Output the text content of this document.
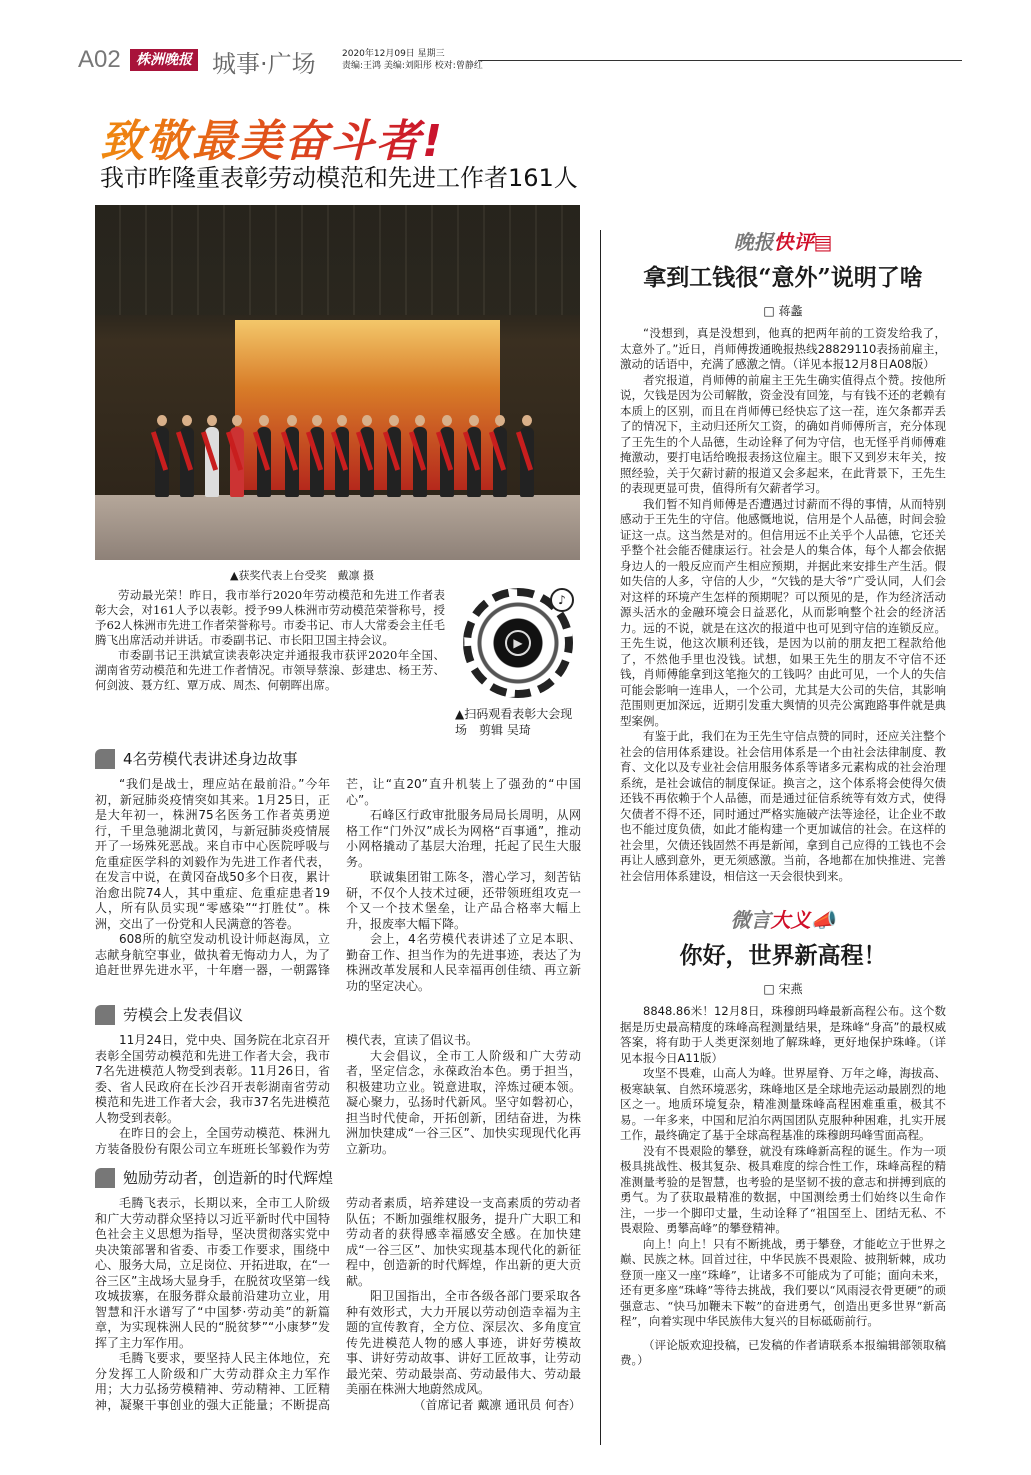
A02	株洲晚报 城事·广场	2020年12月09日 星期三
责编:王鸿 美编:刘阳彤 校对:曾静红
致敬最美奋斗者!
我市昨隆重表彰劳动模范和先进工作者161人
▲获奖代表上台受奖　戴凛 摄

劳动最光荣！昨日，我市举行2020年劳动模范和先进工作者表彰大会，对161人予以表彰。授予99人株洲市劳动模范荣誉称号，授予62人株洲市先进工作者荣誉称号。市委书记、市人大常委会主任毛腾飞出席活动并讲话。市委副书记、市长阳卫国主持会议。

市委副书记王洪斌宣读表彰决定并通报我市获评2020年全国、湖南省劳动模范和先进工作者情况。市领导蔡湶、彭建忠、杨王芳、何剑波、聂方红、覃万成、周杰、何朝晖出席。

▶
♪
▲扫码观看表彰大会现场　剪辑 吴琦
4名劳模代表讲述身边故事

“我们是战士，理应站在最前沿。”今年初，新冠肺炎疫情突如其来。1月25日，正是大年初一，株洲75名医务工作者英勇逆行，千里急驰湖北黄冈，与新冠肺炎疫情展开了一场殊死恶战。来自市中心医院呼吸与危重症医学科的刘毅作为先进工作者代表，在发言中说，在黄冈奋战50多个日夜，累计治愈出院74人，其中重症、危重症患者19人，所有队员实现“零感染”“打胜仗”。株洲，交出了一份党和人民满意的答卷。

608所的航空发动机设计师赵海凤，立志献身航空事业，做执着无悔动力人，为了追赶世界先进水平，十年磨一器，一朝露锋芒，让“直20”直升机装上了强劲的“中国心”。

石峰区行政审批服务局局长周明，从网格工作“门外汉”成长为网格“百事通”，推动小网格撬动了基层大治理，托起了民生大服务。

联诚集团钳工陈冬，潜心学习，刻苦钻研，不仅个人技术过硬，还带领班组攻克一个又一个技术堡垒，让产品合格率大幅上升，报废率大幅下降。

会上，4名劳模代表讲述了立足本职、勤奋工作、担当作为的先进事迹，表达了为株洲改革发展和人民幸福再创佳绩、再立新功的坚定决心。

劳模会上发表倡议

11月24日，党中央、国务院在北京召开表彰全国劳动模范和先进工作者大会，我市7名先进模范人物受到表彰。11月26日，省委、省人民政府在长沙召开表彰湖南省劳动模范和先进工作者大会，我市37名先进模范人物受到表彰。

在昨日的会上，全国劳动模范、株洲九方装备股份有限公司立车班班长邹毅作为劳模代表，宣读了倡议书。

大会倡议，全市工人阶级和广大劳动者，坚定信念，永葆政治本色。勇于担当，积极建功立业。锐意进取，淬炼过硬本领。凝心聚力，弘扬时代新风。坚守如磐初心，担当时代使命，开拓创新，团结奋进，为株洲加快建成“一谷三区”、加快实现现代化再立新功。

勉励劳动者，创造新的时代辉煌

毛腾飞表示，长期以来，全市工人阶级和广大劳动群众坚持以习近平新时代中国特色社会主义思想为指导，坚决贯彻落实党中央决策部署和省委、市委工作要求，围绕中心、服务大局，立足岗位、开拓进取，在“一谷三区”主战场大显身手，在脱贫攻坚第一线攻城拔寨，在服务群众最前沿建功立业，用智慧和汗水谱写了“中国梦·劳动美”的新篇章，为实现株洲人民的“脱贫梦”“小康梦”发挥了主力军作用。

毛腾飞要求，要坚持人民主体地位，充分发挥工人阶级和广大劳动群众主力军作用；大力弘扬劳模精神、劳动精神、工匠精神，凝聚干事创业的强大正能量；不断提高劳动者素质，培养建设一支高素质的劳动者队伍；不断加强维权服务，提升广大职工和劳动者的获得感幸福感安全感。在加快建成“一谷三区”、加快实现基本现代化的新征程中，创造新的时代辉煌，作出新的更大贡献。

阳卫国指出，全市各级各部门要采取各种有效形式，大力开展以劳动创造幸福为主题的宣传教育，全方位、深层次、多角度宣传先进模范人物的感人事迹，讲好劳模故事、讲好劳动故事、讲好工匠故事，让劳动最光荣、劳动最崇高、劳动最伟大、劳动最美丽在株洲大地蔚然成风。

（首席记者 戴凛 通讯员 何杏）

晚报快评▤
拿到工钱很“意外”说明了啥
□ 蒋蠡

“没想到，真是没想到，他真的把两年前的工资发给我了，太意外了。”近日，肖师傅拨通晚报热线28829110表扬前雇主，激动的话语中，充满了感激之情。（详见本报12月8日A08版）

者究报道，肖师傅的前雇主王先生确实值得点个赞。按他所说，欠钱是因为公司解散，资金没有回笼，与有钱不还的老赖有本质上的区别，而且在肖师傅已经快忘了这一茬，连欠条都弄丢了的情况下，主动归还所欠工资，的确如肖师傅所言，充分体现了王先生的个人品德，生动诠释了何为守信，也无怪乎肖师傅难掩激动，要打电话给晚报表扬这位雇主。眼下又到岁末年关，按照经验，关于欠薪讨薪的报道又会多起来，在此背景下，王先生的表现更显可贵，值得所有欠薪者学习。

我们暂不知肖师傅是否遭遇过讨薪而不得的事情，从而特别感动于王先生的守信。他感慨地说，信用是个人品德，时间会验证这一点。这当然是对的。但信用远不止关乎个人品德，它还关乎整个社会能否健康运行。社会是人的集合体，每个人都会依据身边人的一般反应而产生相应预期，并据此来安排生产生活。假如失信的人多，守信的人少，“欠钱的是大爷”广受认同，人们会对这样的环境产生怎样的预期呢？可以预见的是，作为经济活动源头活水的金融环境会日益恶化，从而影响整个社会的经济活力。远的不说，就是在这次的报道中也可见到守信的连锁反应。王先生说，他这次顺利还钱，是因为以前的朋友把工程款给他了，不然他手里也没钱。试想，如果王先生的朋友不守信不还钱，肖师傅能拿到这笔拖欠的工钱吗？由此可见，一个人的失信可能会影响一连串人，一个公司，尤其是大公司的失信，其影响范围则更加深远，近期引发重大舆情的贝壳公寓跑路事件就是典型案例。

有鉴于此，我们在为王先生守信点赞的同时，还应关注整个社会的信用体系建设。社会信用体系是一个由社会法律制度、教育、文化以及专业社会信用服务体系等诸多元素构成的社会治理系统，是社会诚信的制度保证。换言之，这个体系将会使得欠债还钱不再依赖于个人品德，而是通过征信系统等有效方式，使得欠债者不得不还，同时通过严格实施破产法等途径，让企业不敢也不能过度负债，如此才能构建一个更加诚信的社会。在这样的社会里，欠债还钱固然不再是新闻，拿到自己应得的工钱也不会再让人感到意外，更无须感激。当前，各地都在加快推进、完善社会信用体系建设，相信这一天会很快到来。

微言大义📣
你好，世界新高程！
□ 宋燕

8848.86米！12月8日，珠穆朗玛峰最新高程公布。这个数据是历史最高精度的珠峰高程测量结果，是珠峰“身高”的最权威答案，将有助于人类更深刻地了解珠峰，更好地保护珠峰。（详见本报今日A11版）

攻坚不畏难，山高人为峰。世界屋脊、万年之峰，海拔高、极寒缺氧、自然环境恶劣，珠峰地区是全球地壳运动最剧烈的地区之一。地质环境复杂，精准测量珠峰高程困难重重，极其不易。一年多来，中国和尼泊尔两国团队克服种种困难，扎实开展工作，最终确定了基于全球高程基准的珠穆朗玛峰雪面高程。

没有不畏艰险的攀登，就没有珠峰新高程的诞生。作为一项极具挑战性、极其复杂、极具难度的综合性工作，珠峰高程的精准测量考验的是智慧，也考验的是坚韧不拔的意志和拼搏到底的勇气。为了获取最精准的数据，中国测绘勇士们始终以生命作注，一步一个脚印丈量，生动诠释了“祖国至上、团结无私、不畏艰险、勇攀高峰”的攀登精神。

向上！向上！只有不断挑战，勇于攀登，才能屹立于世界之巅、民族之林。回首过往，中华民族不畏艰险、披荆斩棘，成功登顶一座又一座“珠峰”，让诸多不可能成为了可能；面向未来，还有更多座“珠峰”等待去挑战，我们要以“风雨浸衣骨更硬”的顽强意志、“快马加鞭未下鞍”的奋进勇气，创造出更多世界“新高程”，向着实现中华民族伟大复兴的目标砥砺前行。

（评论版欢迎投稿，已发稿的作者请联系本报编辑部领取稿费。）
